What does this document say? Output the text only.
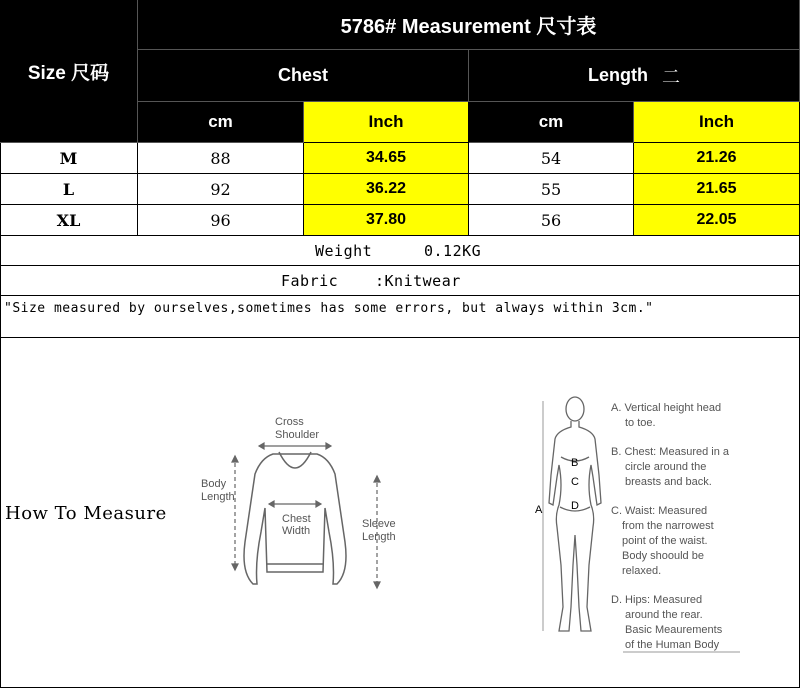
Size 尺码
5786# Measurement 尺寸表
Chest	Length 二
cm	Inch	cm	Inch
M	88	34.65	54	21.26
L	92	36.22	55	21.65
XL	96	37.80	56	22.05
Weight	0.12KG
Fabric :Knitwear
"Size measured by ourselves,sometimes has some errors, but always within 3cm."
How To Measure
Cross
Shoulder
Body
Length
Chest
Width
Sleeve
Length
A
B
C
D
A. Vertical height head
to toe.
B. Chest: Measured in a
circle around the
breasts and back.
C. Waist: Measured
from the narrowest
point of the waist.
Body shoould be
relaxed.
D. Hips: Measured
around the rear.
Basic Meaurements
of the Human Body
